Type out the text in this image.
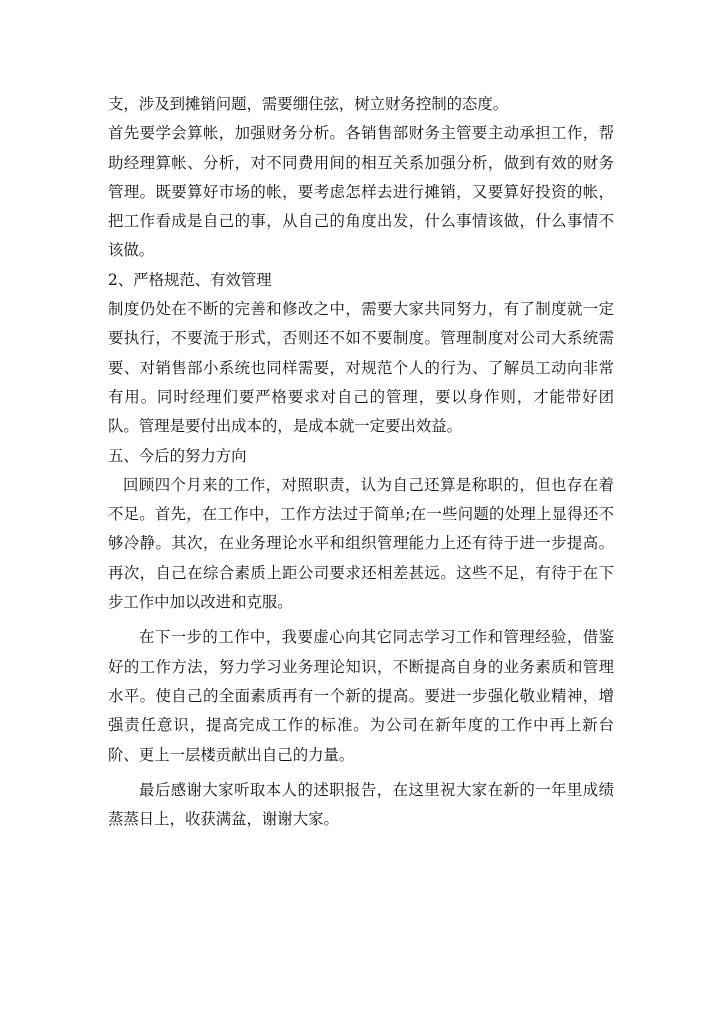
支，涉及到摊销问题，需要绷住弦，树立财务控制的态度。

首先要学会算帐，加强财务分析。各销售部财务主管要主动承担工作，帮助经理算帐、分析，对不同费用间的相互关系加强分析，做到有效的财务管理。既要算好市场的帐，要考虑怎样去进行摊销，又要算好投资的帐，把工作看成是自己的事，从自己的角度出发，什么事情该做，什么事情不该做。

2、严格规范、有效管理

制度仍处在不断的完善和修改之中，需要大家共同努力，有了制度就一定要执行，不要流于形式，否则还不如不要制度。管理制度对公司大系统需要、对销售部小系统也同样需要，对规范个人的行为、了解员工动向非常有用。同时经理们要严格要求对自己的管理，要以身作则，才能带好团队。管理是要付出成本的，是成本就一定要出效益。

五、今后的努力方向

回顾四个月来的工作，对照职责，认为自己还算是称职的，但也存在着不足。首先，在工作中，工作方法过于简单;在一些问题的处理上显得还不够冷静。其次，在业务理论水平和组织管理能力上还有待于进一步提高。再次，自己在综合素质上距公司要求还相差甚远。这些不足，有待于在下步工作中加以改进和克服。

在下一步的工作中，我要虚心向其它同志学习工作和管理经验，借鉴好的工作方法，努力学习业务理论知识，不断提高自身的业务素质和管理水平。使自己的全面素质再有一个新的提高。要进一步强化敬业精神，增强责任意识，提高完成工作的标准。为公司在新年度的工作中再上新台阶、更上一层楼贡献出自己的力量。

最后感谢大家听取本人的述职报告，在这里祝大家在新的一年里成绩蒸蒸日上，收获满盆，谢谢大家。
